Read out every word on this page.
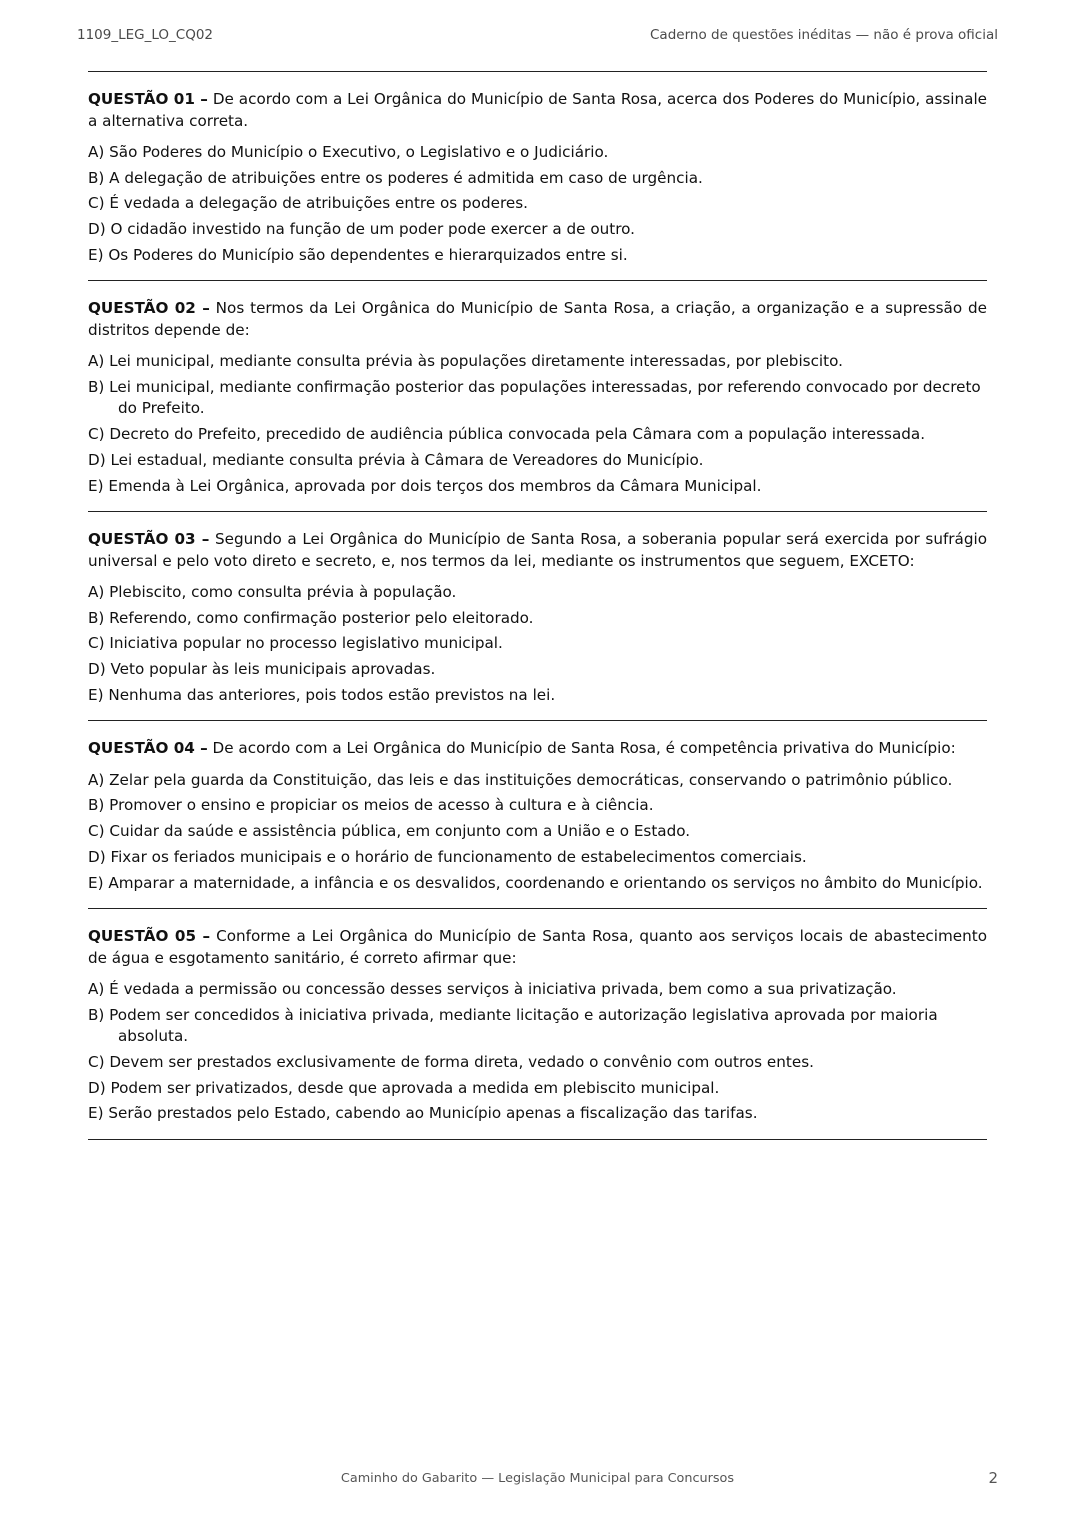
1109_LEG_LO_CQ02	Caderno de questões inéditas — não é prova oficial

QUESTÃO 01 – De acordo com a Lei Orgânica do Município de Santa Rosa, acerca dos Poderes do Município, assinale a alternativa correta.

A) São Poderes do Município o Executivo, o Legislativo e o Judiciário.
B) A delegação de atribuições entre os poderes é admitida em caso de urgência.
C) É vedada a delegação de atribuições entre os poderes.
D) O cidadão investido na função de um poder pode exercer a de outro.
E) Os Poderes do Município são dependentes e hierarquizados entre si.

QUESTÃO 02 – Nos termos da Lei Orgânica do Município de Santa Rosa, a criação, a organização e a supressão de distritos depende de:

A) Lei municipal, mediante consulta prévia às populações diretamente interessadas, por plebiscito.
B) Lei municipal, mediante confirmação posterior das populações interessadas, por referendo convocado por decreto do Prefeito.
C) Decreto do Prefeito, precedido de audiência pública convocada pela Câmara com a população interessada.
D) Lei estadual, mediante consulta prévia à Câmara de Vereadores do Município.
E) Emenda à Lei Orgânica, aprovada por dois terços dos membros da Câmara Municipal.

QUESTÃO 03 – Segundo a Lei Orgânica do Município de Santa Rosa, a soberania popular será exercida por sufrágio universal e pelo voto direto e secreto, e, nos termos da lei, mediante os instrumentos que seguem, EXCETO:

A) Plebiscito, como consulta prévia à população.
B) Referendo, como confirmação posterior pelo eleitorado.
C) Iniciativa popular no processo legislativo municipal.
D) Veto popular às leis municipais aprovadas.
E) Nenhuma das anteriores, pois todos estão previstos na lei.

QUESTÃO 04 – De acordo com a Lei Orgânica do Município de Santa Rosa, é competência privativa do Município:

A) Zelar pela guarda da Constituição, das leis e das instituições democráticas, conservando o patrimônio público.
B) Promover o ensino e propiciar os meios de acesso à cultura e à ciência.
C) Cuidar da saúde e assistência pública, em conjunto com a União e o Estado.
D) Fixar os feriados municipais e o horário de funcionamento de estabelecimentos comerciais.
E) Amparar a maternidade, a infância e os desvalidos, coordenando e orientando os serviços no âmbito do Município.

QUESTÃO 05 – Conforme a Lei Orgânica do Município de Santa Rosa, quanto aos serviços locais de abastecimento de água e esgotamento sanitário, é correto afirmar que:

A) É vedada a permissão ou concessão desses serviços à iniciativa privada, bem como a sua privatização.
B) Podem ser concedidos à iniciativa privada, mediante licitação e autorização legislativa aprovada por maioria absoluta.
C) Devem ser prestados exclusivamente de forma direta, vedado o convênio com outros entes.
D) Podem ser privatizados, desde que aprovada a medida em plebiscito municipal.
E) Serão prestados pelo Estado, cabendo ao Município apenas a fiscalização das tarifas.
Caminho do Gabarito — Legislação Municipal para Concursos	2
